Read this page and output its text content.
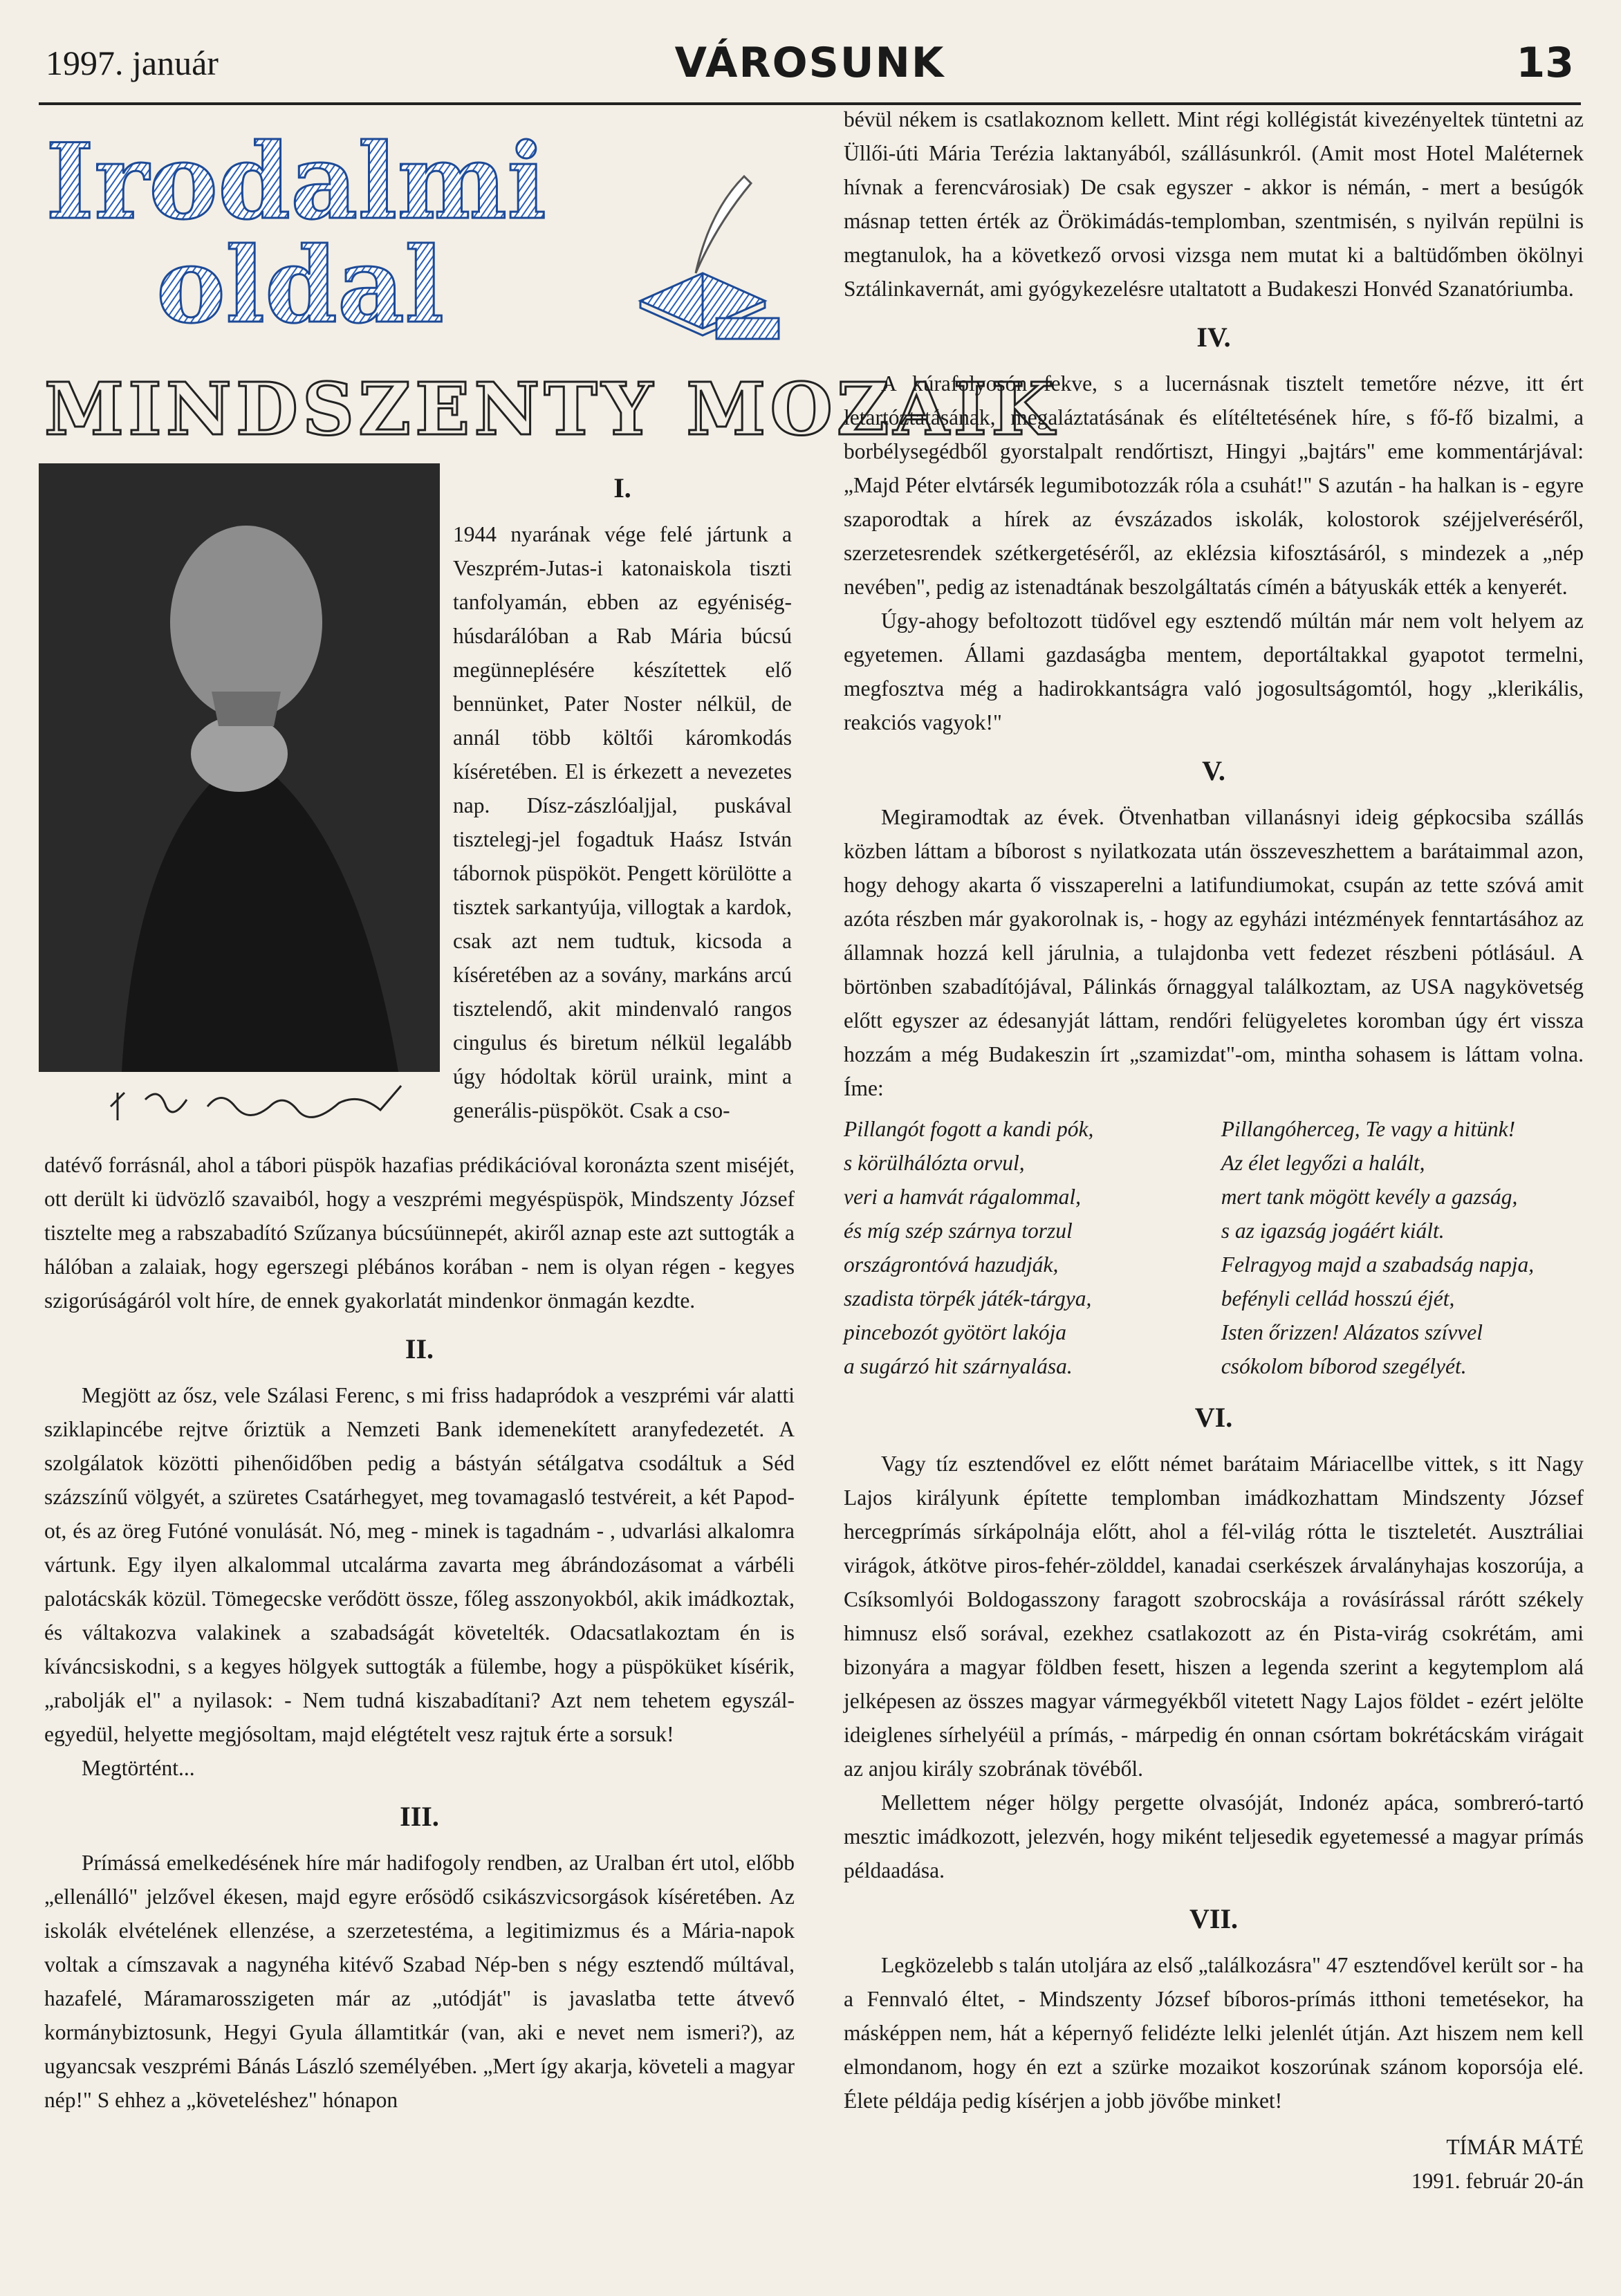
1997. január	VÁROSUNK	13
Irodalmi
oldal
MINDSZENTY MOZAIK
I.

1944 nyarának vége felé jártunk a Veszprém-Jutas-i katonaiskola tiszti tanfolyamán, ebben az egyéniség-húsdarálóban a Rab Mária búcsú megünneplésére készítettek elő bennünket, Pater Noster nélkül, de annál több költői káromkodás kíséretében. El is érkezett a nevezetes nap. Dísz-zászlóaljjal, puskával tisztelegj-jel fogadtuk Haász István tábornok püspököt. Pengett körülötte a tisztek sarkantyúja, villogtak a kardok, csak azt nem tudtuk, kicsoda a kíséretében az a sovány, markáns arcú tisztelendő, akit mindenvaló rangos cingulus és biretum nélkül legalább úgy hódoltak körül uraink, mint a generális-püspököt. Csak a cso-

datévő forrásnál, ahol a tábori püspök hazafias prédikációval koronázta szent miséjét, ott derült ki üdvözlő szavaiból, hogy a veszprémi megyéspüspök, Mindszenty József tisztelte meg a rabszabadító Szűzanya búcsúünnepét, akiről aznap este azt suttogták a hálóban a zalaiak, hogy egerszegi plébános korában - nem is olyan régen - kegyes szigorúságáról volt híre, de ennek gyakorlatát mindenkor önmagán kezdte.

II.

Megjött az ősz, vele Szálasi Ferenc, s mi friss hadapródok a veszprémi vár alatti sziklapincébe rejtve őriztük a Nemzeti Bank idemenekített aranyfedezetét. A szolgálatok közötti pihenőidőben pedig a bástyán sétálgatva csodáltuk a Séd százszínű völgyét, a szüretes Csatárhegyet, meg tovamagasló testvéreit, a két Papod-ot, és az öreg Futóné vonulását. Nó, meg - minek is tagadnám - , udvarlási alkalomra vártunk. Egy ilyen alkalommal utcalárma zavarta meg ábrándozásomat a várbéli palotácskák közül. Tömegecske verődött össze, főleg asszonyokból, akik imádkoztak, és váltakozva valakinek a szabadságát követelték. Odacsatlakoztam én is kíváncsiskodni, s a kegyes hölgyek suttogták a fülembe, hogy a püspöküket kísérik, „rabolják el" a nyilasok: - Nem tudná kiszabadítani? Azt nem tehetem egyszál-egyedül, helyette megjósoltam, majd elégtételt vesz rajtuk érte a sorsuk!

Megtörtént...

III.

Prímássá emelkedésének híre már hadifogoly rendben, az Uralban ért utol, előbb „ellenálló" jelzővel ékesen, majd egyre erősödő csikászvicsorgások kíséretében. Az iskolák elvételének ellenzése, a szerzetestéma, a legitimizmus és a Mária-napok voltak a címszavak a nagynéha kitévő Szabad Nép-ben s négy esztendő múltával, hazafelé, Máramarosszigeten már az „utódját" is javaslatba tette átvevő kormánybiztosunk, Hegyi Gyula államtitkár (van, aki e nevet nem ismeri?), az ugyancsak veszprémi Bánás László személyében. „Mert így akarja, követeli a magyar nép!" S ehhez a „követeléshez" hónapon

bévül nékem is csatlakoznom kellett. Mint régi kollégistát kivezényeltek tüntetni az Üllői-úti Mária Terézia laktanyából, szállásunkról. (Amit most Hotel Maléternek hívnak a ferencvárosiak) De csak egyszer - akkor is némán, - mert a besúgók másnap tetten érték az Örökimádás-templomban, szentmisén, s nyilván repülni is megtanulok, ha a következő orvosi vizsga nem mutat ki a baltüdőmben ökölnyi Sztálinkavernát, ami gyógykezelésre utaltatott a Budakeszi Honvéd Szanatóriumba.

IV.

A kúrafolyosón fekve, s a lucernásnak tisztelt temetőre nézve, itt ért letartóztatásának, megaláztatásának és elítéltetésének híre, s fő-fő bizalmi, a borbélysegédből gyorstalpalt rendőrtiszt, Hingyi „bajtárs" eme kommentárjával: „Majd Péter elvtársék legumibotozzák róla a csuhát!" S azután - ha halkan is - egyre szaporodtak a hírek az évszázados iskolák, kolostorok széjjelveréséről, szerzetesrendek szétkergetéséről, az eklézsia kifosztásáról, s mindezek a „nép nevében", pedig az istenadtának beszolgáltatás címén a bátyuskák ették a kenyerét.

Úgy-ahogy befoltozott tüdővel egy esztendő múltán már nem volt helyem az egyetemen. Állami gazdaságba mentem, deportáltakkal gyapotot termelni, megfosztva még a hadirokkantságra való jogosultságomtól, hogy „klerikális, reakciós vagyok!"

V.

Megiramodtak az évek. Ötvenhatban villanásnyi ideig gépkocsiba szállás közben láttam a bíborost s nyilatkozata után összeveszhettem a barátaimmal azon, hogy dehogy akarta ő visszaperelni a latifundiumokat, csupán az tette szóvá amit azóta részben már gyakorolnak is, - hogy az egyházi intézmények fenntartásához az államnak hozzá kell járulnia, a tulajdonba vett fedezet részbeni pótlásául. A börtönben szabadítójával, Pálinkás őrnaggyal találkoztam, az USA nagykövetség előtt egyszer az édesanyját láttam, rendőri felügyeletes koromban úgy ért vissza hozzám a még Budakeszin írt „szamizdat"-om, mintha sohasem is láttam volna. Íme:

Pillangót fogott a kandi pók,
s körülhálózta orvul,
veri a hamvát rágalommal,
és míg szép szárnya torzul
országrontóvá hazudják,
szadista törpék játék-tárgya,
pincebozót gyötört lakója
a sugárzó hit szárnyalása.
Pillangóherceg, Te vagy a hitünk!
Az élet legyőzi a halált,
mert tank mögött kevély a gazság,
s az igazság jogáért kiált.
Felragyog majd a szabadság napja,
befényli cellád hosszú éjét,
Isten őrizzen! Alázatos szívvel
csókolom bíborod szegélyét.
VI.

Vagy tíz esztendővel ez előtt német barátaim Máriacellbe vittek, s itt Nagy Lajos királyunk építette templomban imádkozhattam Mindszenty József hercegprímás sírkápolnája előtt, ahol a fél-világ rótta le tiszteletét. Ausztráliai virágok, átkötve piros-fehér-zölddel, kanadai cserkészek árvalányhajas koszorúja, a Csíksomlyói Boldogasszony faragott szobrocskája a rovásírással rárótt székely himnusz első sorával, ezekhez csatlakozott az én Pista-virág csokrétám, ami bizonyára a magyar földben fesett, hiszen a legenda szerint a kegytemplom alá jelképesen az összes magyar vármegyékből vitetett Nagy Lajos földet - ezért jelölte ideiglenes sírhelyéül a prímás, - márpedig én onnan csórtam bokrétácskám virágait az anjou király szobrának tövéből.

Mellettem néger hölgy pergette olvasóját, Indonéz apáca, sombreró-tartó mesztic imádkozott, jelezvén, hogy miként teljesedik egyetemessé a magyar prímás példaadása.

VII.

Legközelebb s talán utoljára az első „találkozásra" 47 esztendővel került sor - ha a Fennvaló éltet, - Mindszenty József bíboros-prímás itthoni temetésekor, ha másképpen nem, hát a képernyő felidézte lelki jelenlét útján. Azt hiszem nem kell elmondanom, hogy én ezt a szürke mozaikot koszorúnak szánom koporsója elé. Élete példája pedig kísérjen a jobb jövőbe minket!

TÍMÁR MÁTÉ
1991. február 20-án
